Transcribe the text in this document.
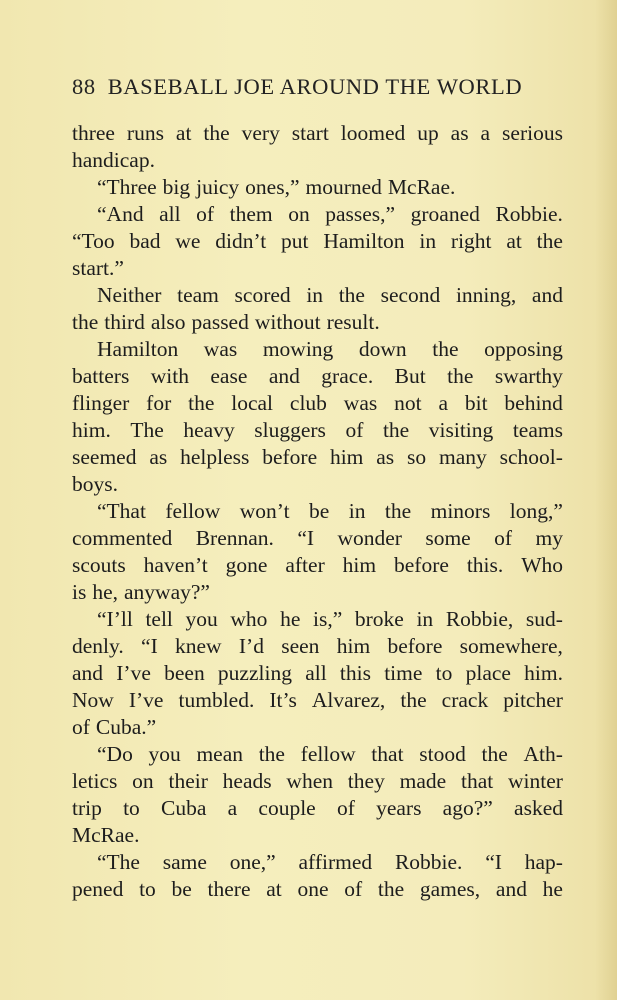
88 BASEBALL JOE AROUND THE WORLD
three runs at the very start loomed up as a serious
handicap.
“Three big juicy ones,” mourned McRae.
“And all of them on passes,” groaned Robbie.
“Too bad we didn’t put Hamilton in right at the
start.”
Neither team scored in the second inning, and
the third also passed without result.
Hamilton was mowing down the opposing
batters with ease and grace. But the swarthy
flinger for the local club was not a bit behind
him. The heavy sluggers of the visiting teams
seemed as helpless before him as so many school-
boys.
“That fellow won’t be in the minors long,”
commented Brennan. “I wonder some of my
scouts haven’t gone after him before this. Who
is he, anyway?”
“I’ll tell you who he is,” broke in Robbie, sud-
denly. “I knew I’d seen him before somewhere,
and I’ve been puzzling all this time to place him.
Now I’ve tumbled. It’s Alvarez, the crack pitcher
of Cuba.”
“Do you mean the fellow that stood the Ath-
letics on their heads when they made that winter
trip to Cuba a couple of years ago?” asked
McRae.
“The same one,” affirmed Robbie. “I hap-
pened to be there at one of the games, and he
